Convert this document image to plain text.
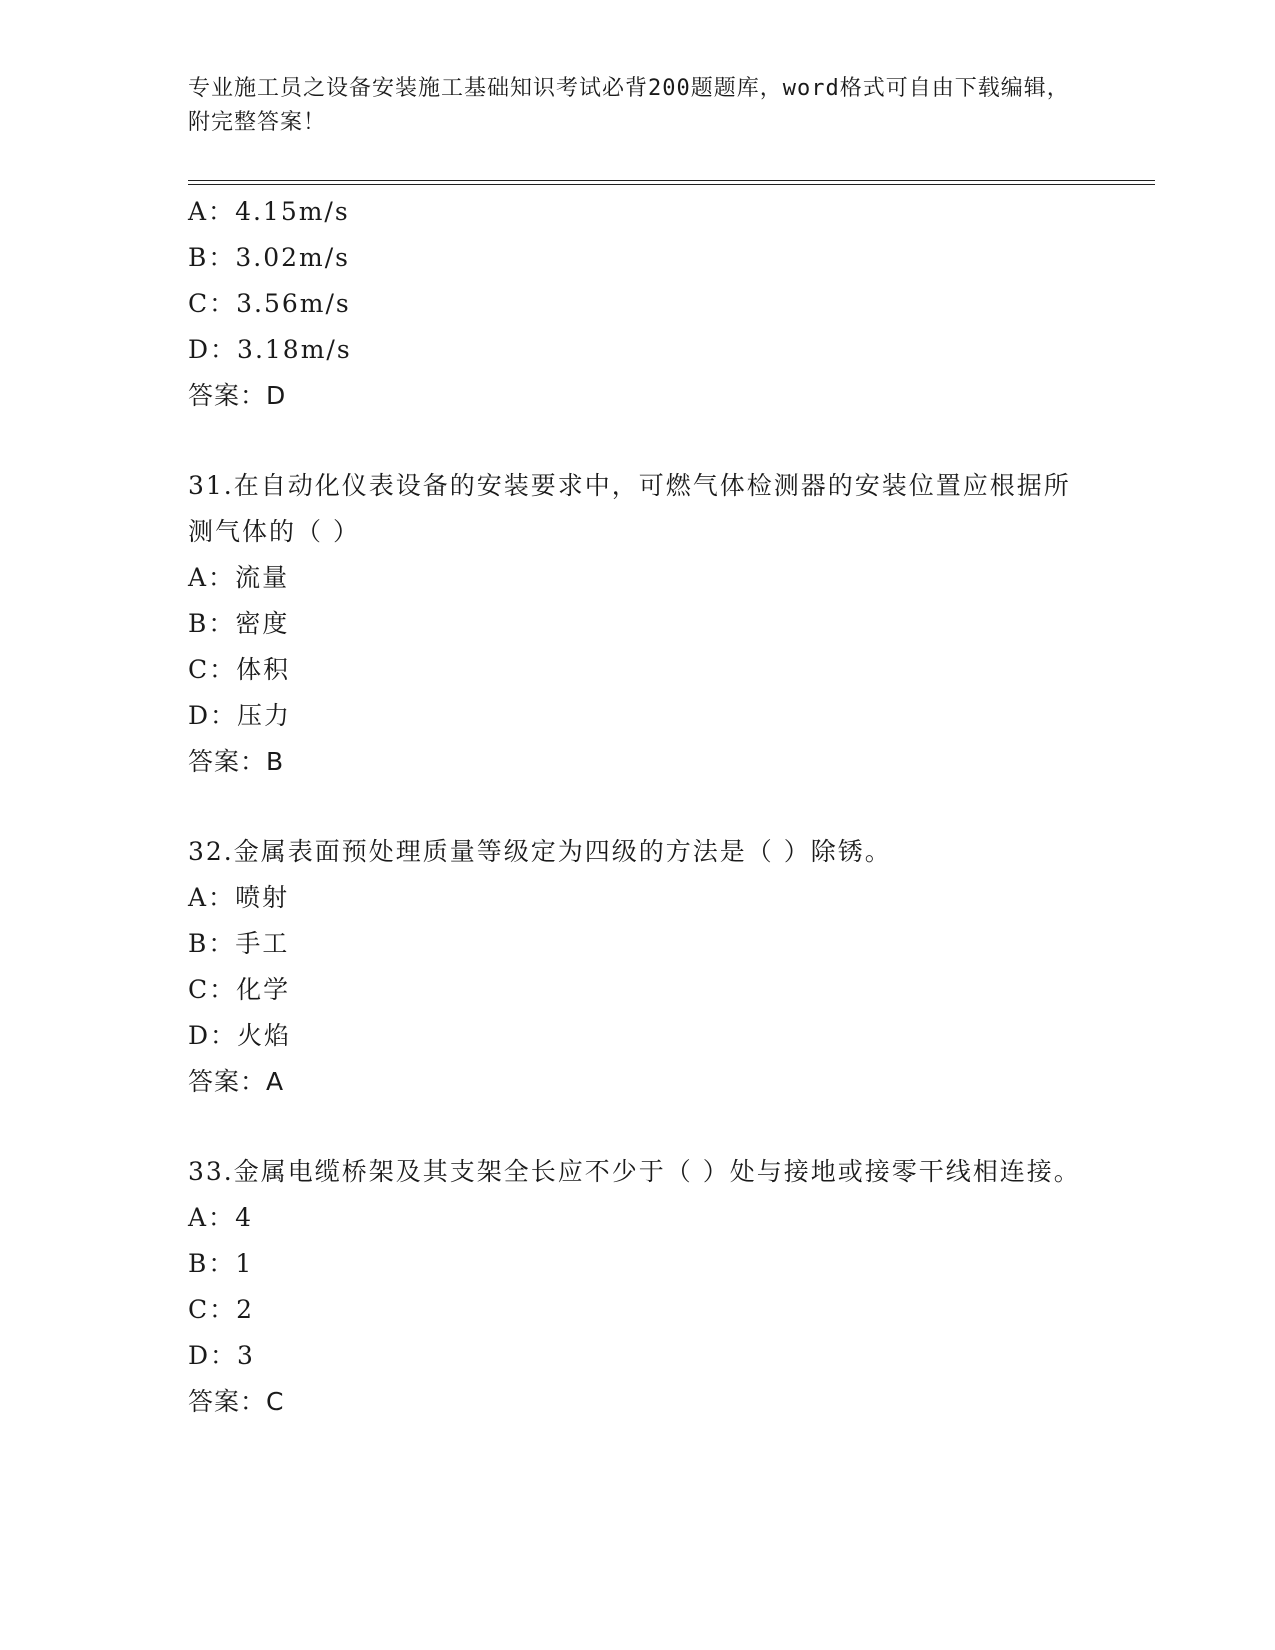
专业施工员之设备安装施工基础知识考试必背200题题库，word格式可自由下载编辑，附完整答案！
A：4.15m/s
B：3.02m/s
C：3.56m/s
D：3.18m/s
答案：D
31.在自动化仪表设备的安装要求中，可燃气体检测器的安装位置应根据所测气体的（ ）
A：流量
B：密度
C：体积
D：压力
答案：B
32.金属表面预处理质量等级定为四级的方法是（ ）除锈。
A：喷射
B：手工
C：化学
D：火焰
答案：A
33.金属电缆桥架及其支架全长应不少于（ ）处与接地或接零干线相连接。
A：4
B：1
C：2
D：3
答案：C
